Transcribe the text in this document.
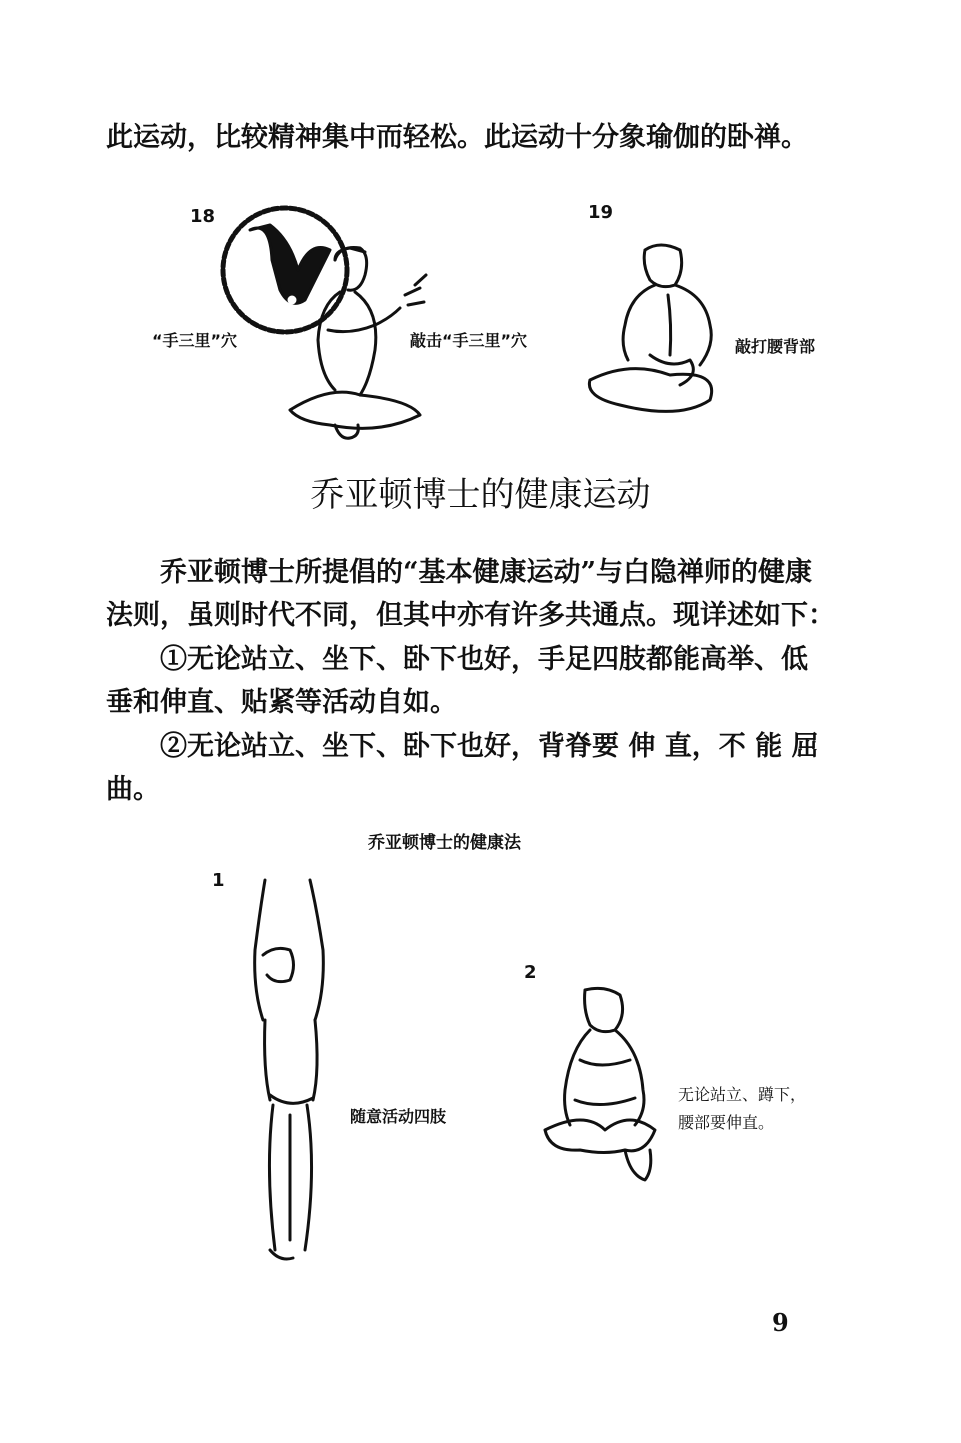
此运动，比较精神集中而轻松。此运动十分象瑜伽的卧禅。
18
“手三里”穴	敲击“手三里”穴
19
敲打腰背部
乔亚顿博士的健康运动
乔亚顿博士所提倡的“基本健康运动”与白隐禅师的健康
法则，虽则时代不同，但其中亦有许多共通点。现详述如下：
①无论站立、坐下、卧下也好，手足四肢都能高举、低
垂和伸直、贴紧等活动自如。
②无论站立、坐下、卧下也好，背脊要 伸 直，不 能 屈
曲。
乔亚顿博士的健康法
1
随意活动四肢
2
无论站立、蹲下，
腰部要伸直。
9
